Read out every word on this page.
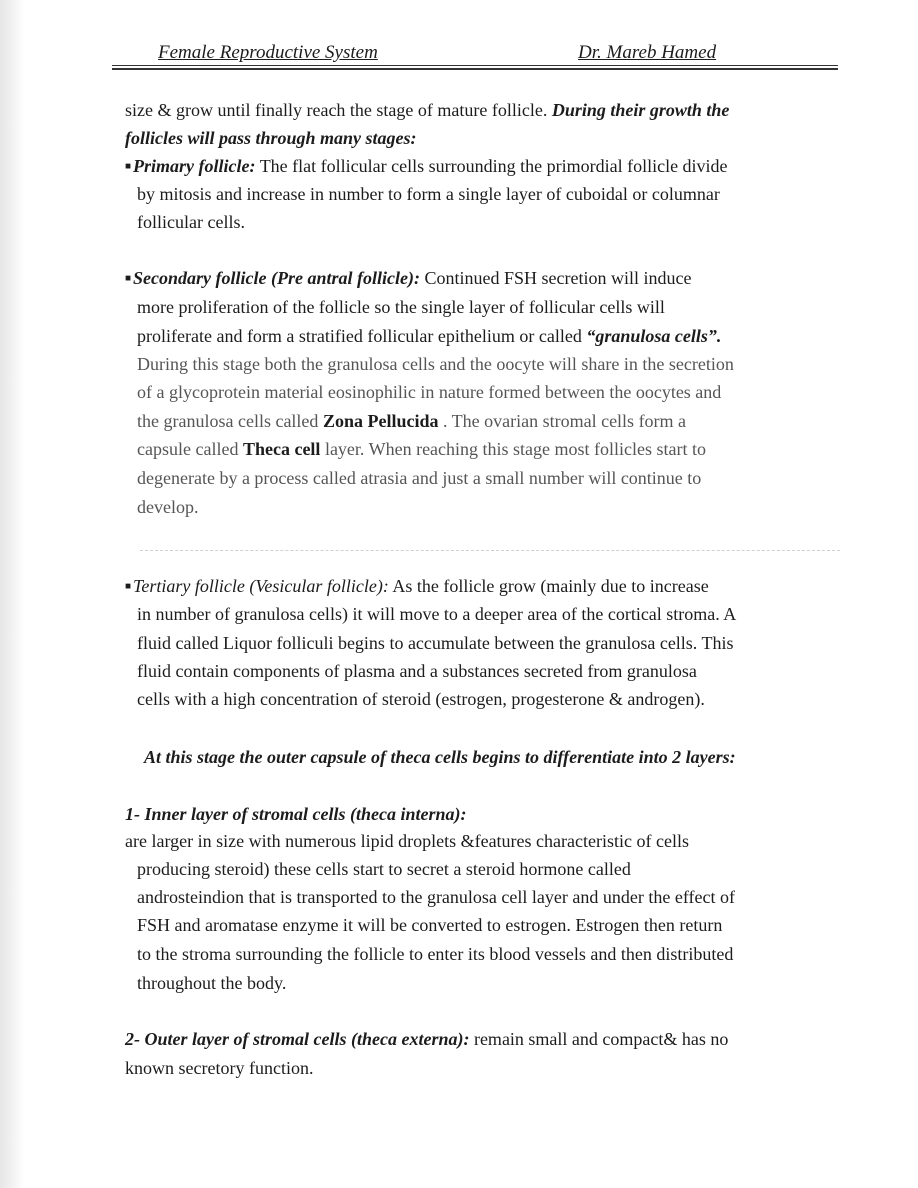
Female Reproductive System	Dr. Mareb Hamed
size & grow until finally reach the stage of mature follicle. During their growth the
follicles will pass through many stages:
■ Primary follicle: The flat follicular cells surrounding the primordial follicle divide
by mitosis and increase in number to form a single layer of cuboidal or columnar
follicular cells.
■ Secondary follicle (Pre antral follicle): Continued FSH secretion will induce
more proliferation of the follicle so the single layer of follicular cells will
proliferate and form a stratified follicular epithelium or called “granulosa cells”.
During this stage both the granulosa cells and the oocyte will share in the secretion
of a glycoprotein material eosinophilic in nature formed between the oocytes and
the granulosa cells called Zona Pellucida . The ovarian stromal cells form a
capsule called Theca cell layer. When reaching this stage most follicles start to
degenerate by a process called atrasia and just a small number will continue to
develop.
■ Tertiary follicle (Vesicular follicle): As the follicle grow (mainly due to increase
in number of granulosa cells) it will move to a deeper area of the cortical stroma. A
fluid called Liquor folliculi begins to accumulate between the granulosa cells. This
fluid contain components of plasma and a substances secreted from granulosa
cells with a high concentration of steroid (estrogen, progesterone & androgen).
At this stage the outer capsule of theca cells begins to differentiate into 2 layers:
1- Inner layer of stromal cells (theca interna):
are larger in size with numerous lipid droplets &features characteristic of cells
producing steroid) these cells start to secret a steroid hormone called
androsteindion that is transported to the granulosa cell layer and under the effect of
FSH and aromatase enzyme it will be converted to estrogen. Estrogen then return
to the stroma surrounding the follicle to enter its blood vessels and then distributed
throughout the body.
2- Outer layer of stromal cells (theca externa): remain small and compact& has no
known secretory function.
